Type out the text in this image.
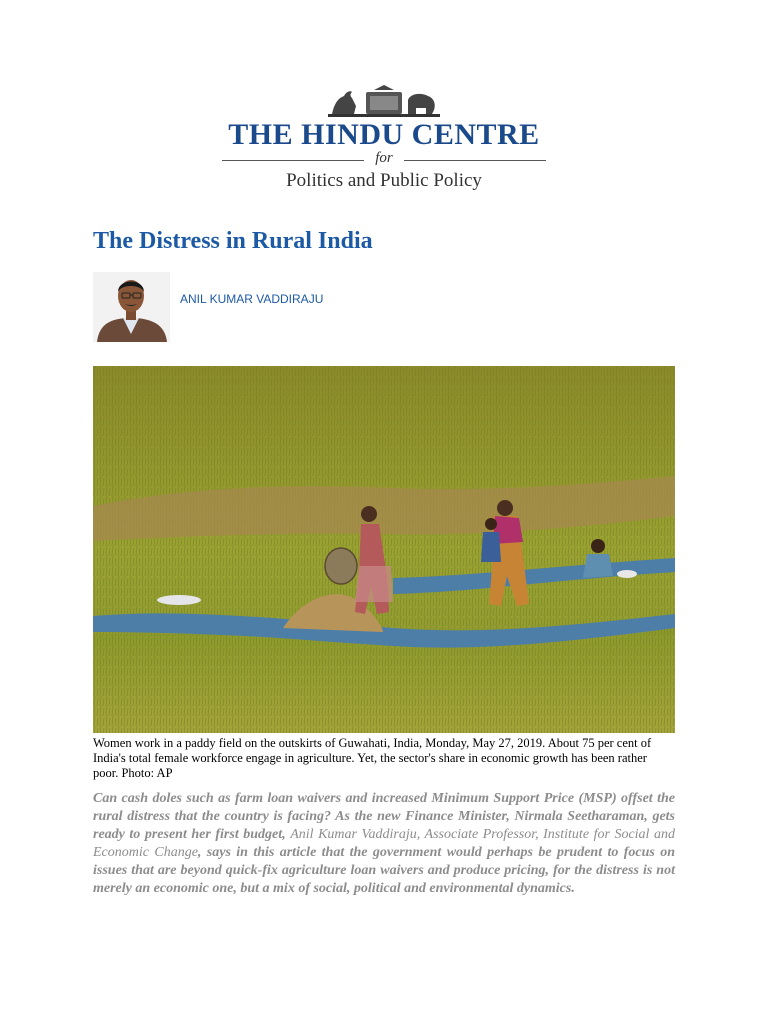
THE HINDU CENTRE
for
Politics and Public Policy
The Distress in Rural India
ANIL KUMAR VADDIRAJU
Women work in a paddy field on the outskirts of Guwahati, India, Monday, May 27, 2019. About 75 per cent of India's total female workforce engage in agriculture. Yet, the sector's share in economic growth has been rather poor. Photo: AP

Can cash doles such as farm loan waivers and increased Minimum Support Price (MSP) offset the rural distress that the country is facing? As the new Finance Minister, Nirmala Seetharaman, gets ready to present her first budget, Anil Kumar Vaddiraju, Associate Professor, Institute for Social and Economic Change, says in this article that the government would perhaps be prudent to focus on issues that are beyond quick-fix agriculture loan waivers and produce pricing, for the distress is not merely an economic one, but a mix of social, political and environmental dynamics.
